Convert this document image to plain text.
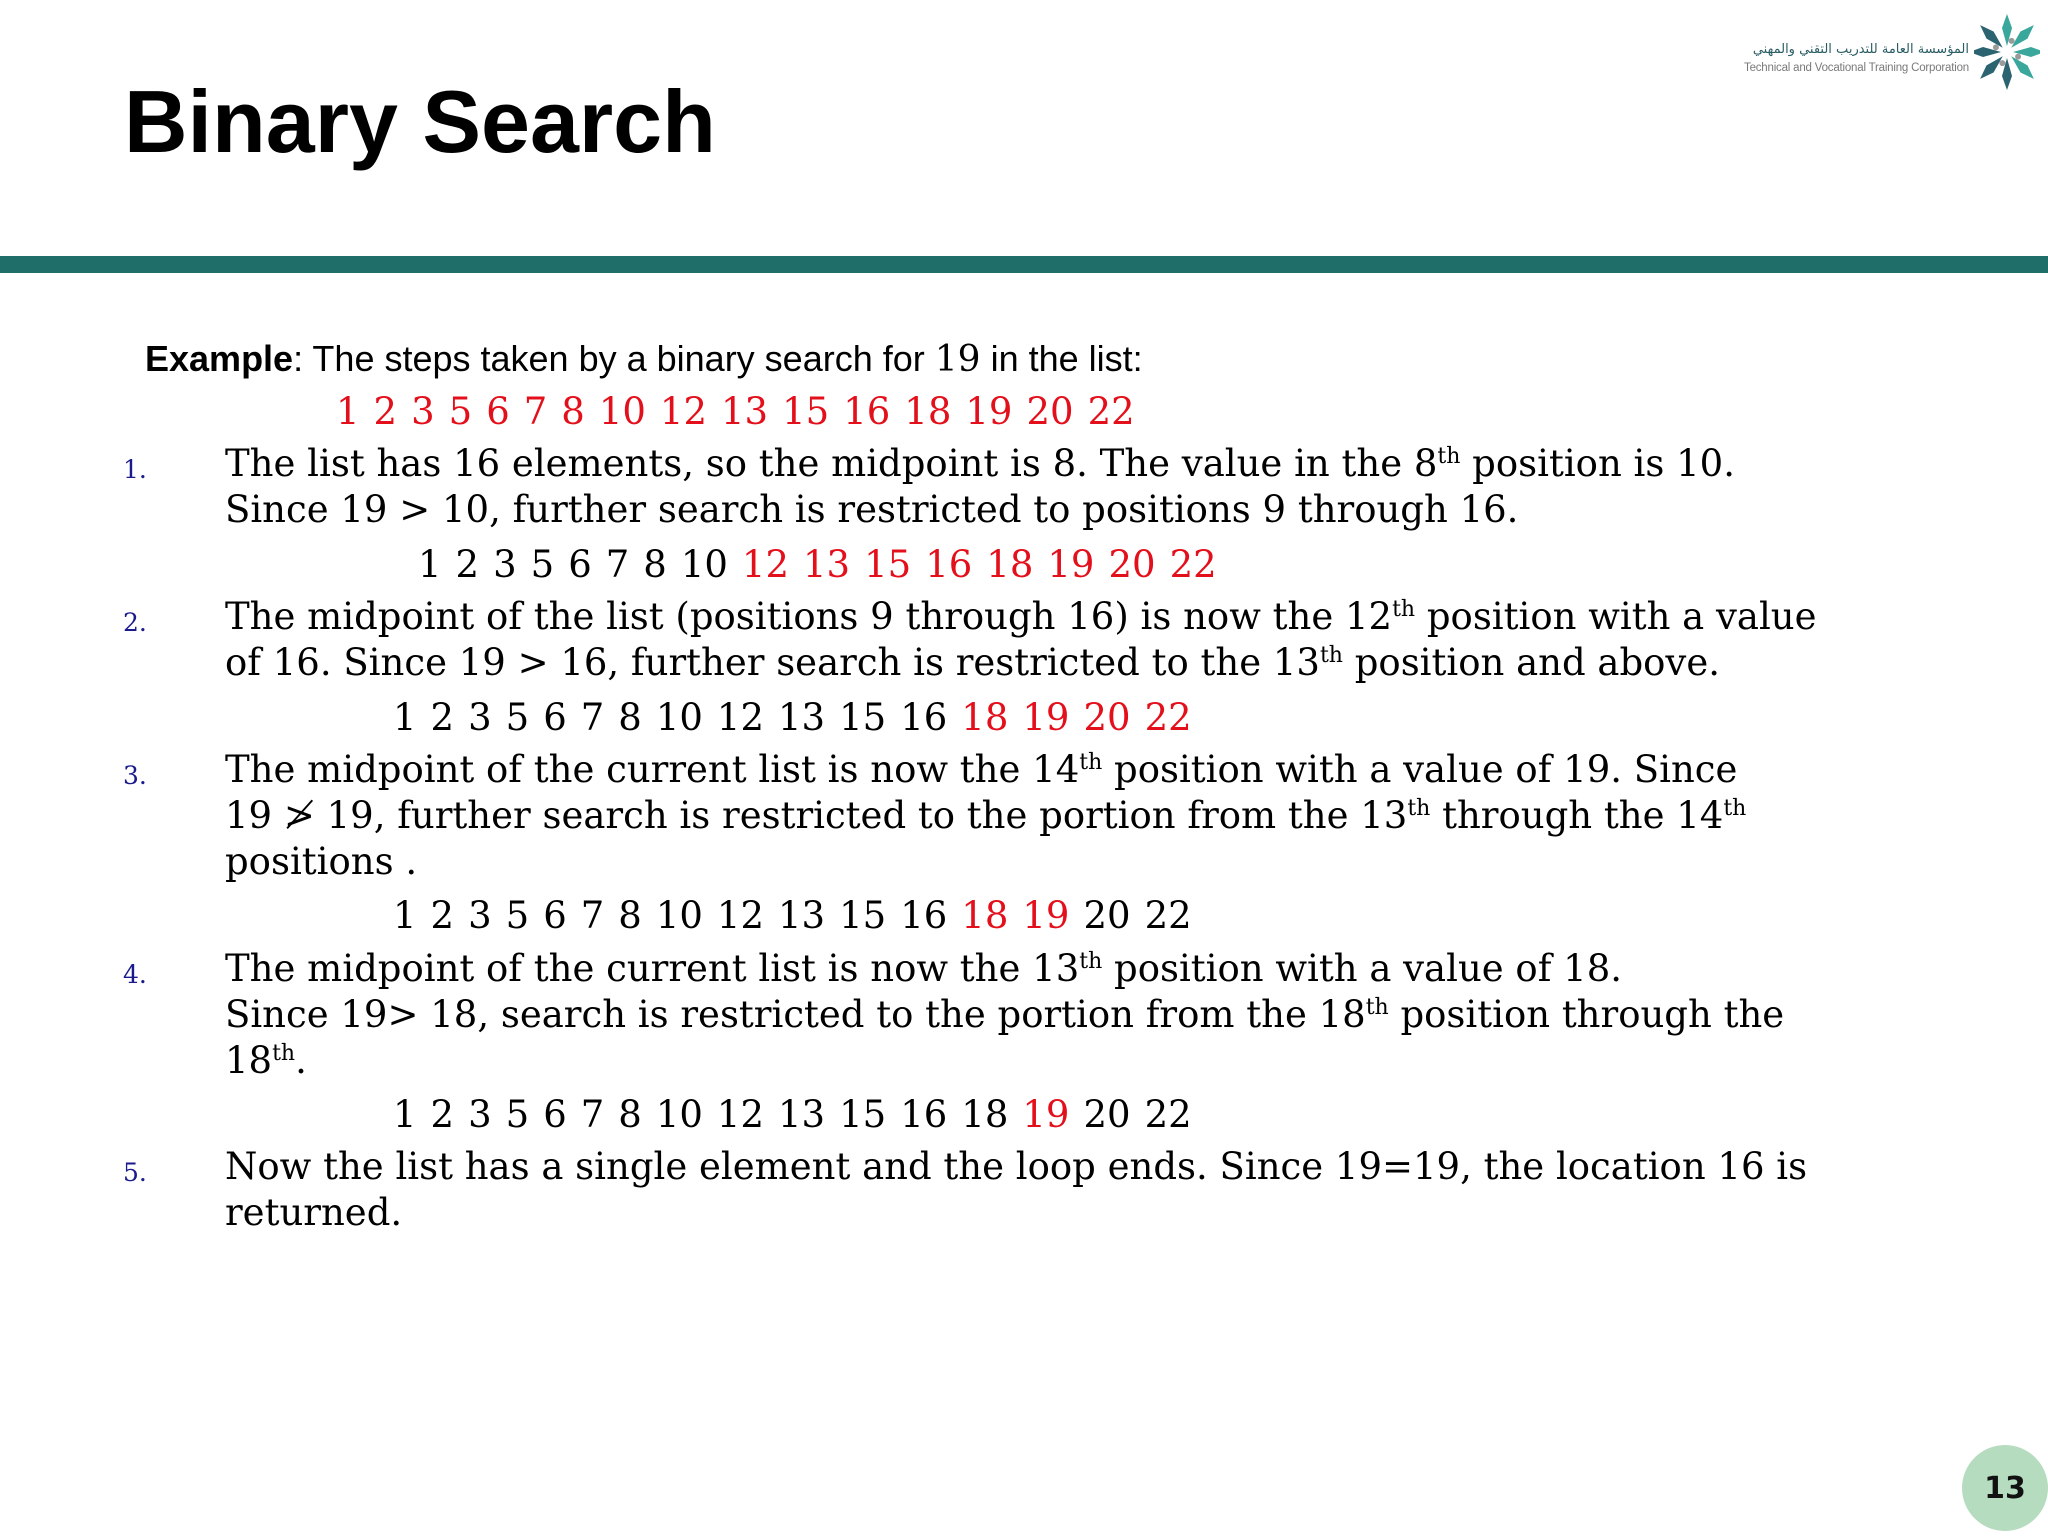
المؤسسة العامة للتدريب التقني والمهني
Technical and Vocational Training Corporation
Binary Search
Example: The steps taken by a binary search for 19 in the list:
1 2 3 5 6 7 8 10 12 13 15 16 18 19 20 22
1. The list has 16 elements, so the midpoint is 8. The value in the 8th position is 10.
Since 19 > 10, further search is restricted to positions 9 through 16.
1 2 3 5 6 7 8 10 12 13 15 16 18 19 20 22
2. The midpoint of the list (positions 9 through 16) is now the 12th position with a value
of 16. Since 19 > 16, further search is restricted to the 13th position and above.
1 2 3 5 6 7 8 10 12 13 15 16 18 19 20 22
3. The midpoint of the current list is now the 14th position with a value of 19. Since
19 ≯ 19, further search is restricted to the portion from the 13th through the 14th
positions .
1 2 3 5 6 7 8 10 12 13 15 16 18 19 20 22
4. The midpoint of the current list is now the 13th position with a value of 18.
Since 19> 18, search is restricted to the portion from the 18th position through the
18th.
1 2 3 5 6 7 8 10 12 13 15 16 18 19 20 22
5. Now the list has a single element and the loop ends. Since 19=19, the location 16 is
returned.
13
